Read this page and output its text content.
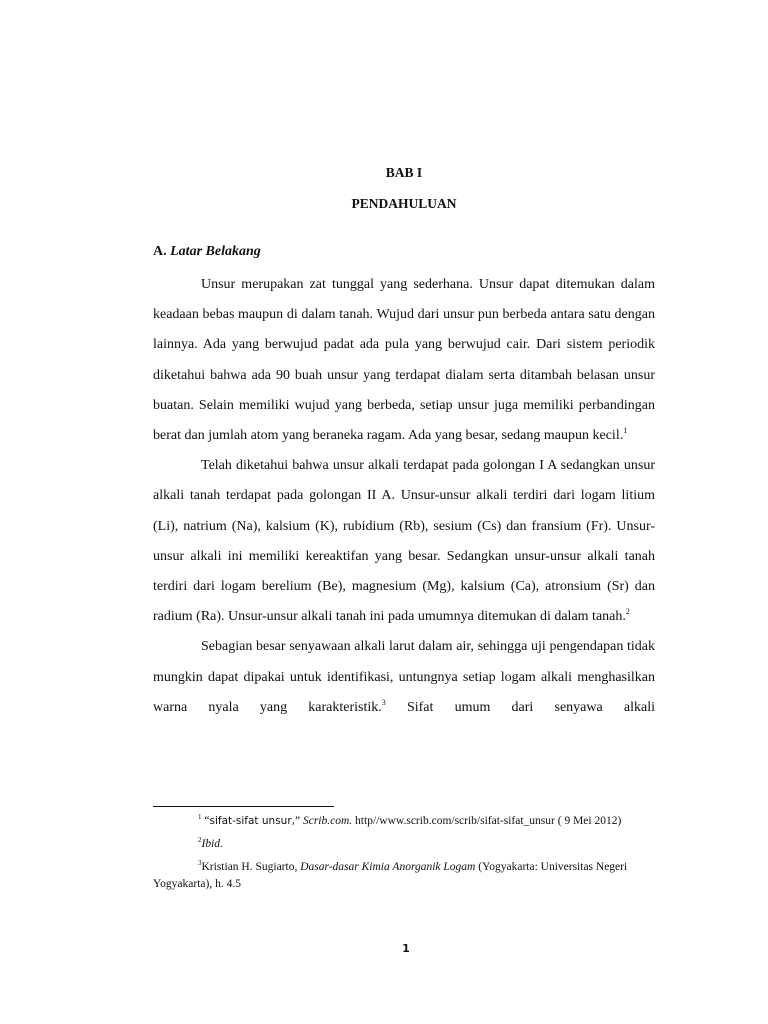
BAB I
PENDAHULUAN
A. Latar Belakang

Unsur merupakan zat tunggal yang sederhana. Unsur dapat ditemukan dalam keadaan bebas maupun di dalam tanah. Wujud dari unsur pun berbeda antara satu dengan lainnya. Ada yang berwujud padat ada pula yang berwujud cair. Dari sistem periodik diketahui bahwa ada 90 buah unsur yang terdapat dialam serta ditambah belasan unsur buatan. Selain memiliki wujud yang berbeda, setiap unsur juga memiliki perbandingan berat dan jumlah atom yang beraneka ragam. Ada yang besar, sedang maupun kecil.$^1$

Telah diketahui bahwa unsur alkali terdapat pada golongan I A sedangkan unsur alkali tanah terdapat pada golongan II A. Unsur-unsur alkali terdiri dari logam litium (Li), natrium (Na), kalsium (K), rubidium (Rb), sesium (Cs) dan fransium (Fr). Unsur-unsur alkali ini memiliki kereaktifan yang besar. Sedangkan unsur-unsur alkali tanah terdiri dari logam berelium (Be), magnesium (Mg), kalsium (Ca), atronsium (Sr) dan radium (Ra). Unsur-unsur alkali tanah ini pada umumnya ditemukan di dalam tanah.$^2$

Sebagian besar senyawaan alkali larut dalam air, sehingga uji pengendapan tidak mungkin dapat dipakai untuk identifikasi, untungnya setiap logam alkali menghasilkan warna nyala yang karakteristik.$^3$ Sifat umum dari senyawa alkali

$^1$ “sifat-sifat unsur,” Scrib.com. http//www.scrib.com/scrib/sifat-sifat_unsur ( 9 Mei 2012)

$^2$Ibid.

$^3$Kristian H. Sugiarto, Dasar-dasar Kimia Anorganik Logam (Yogyakarta: Universitas Negeri Yogyakarta), h. 4.5

1
